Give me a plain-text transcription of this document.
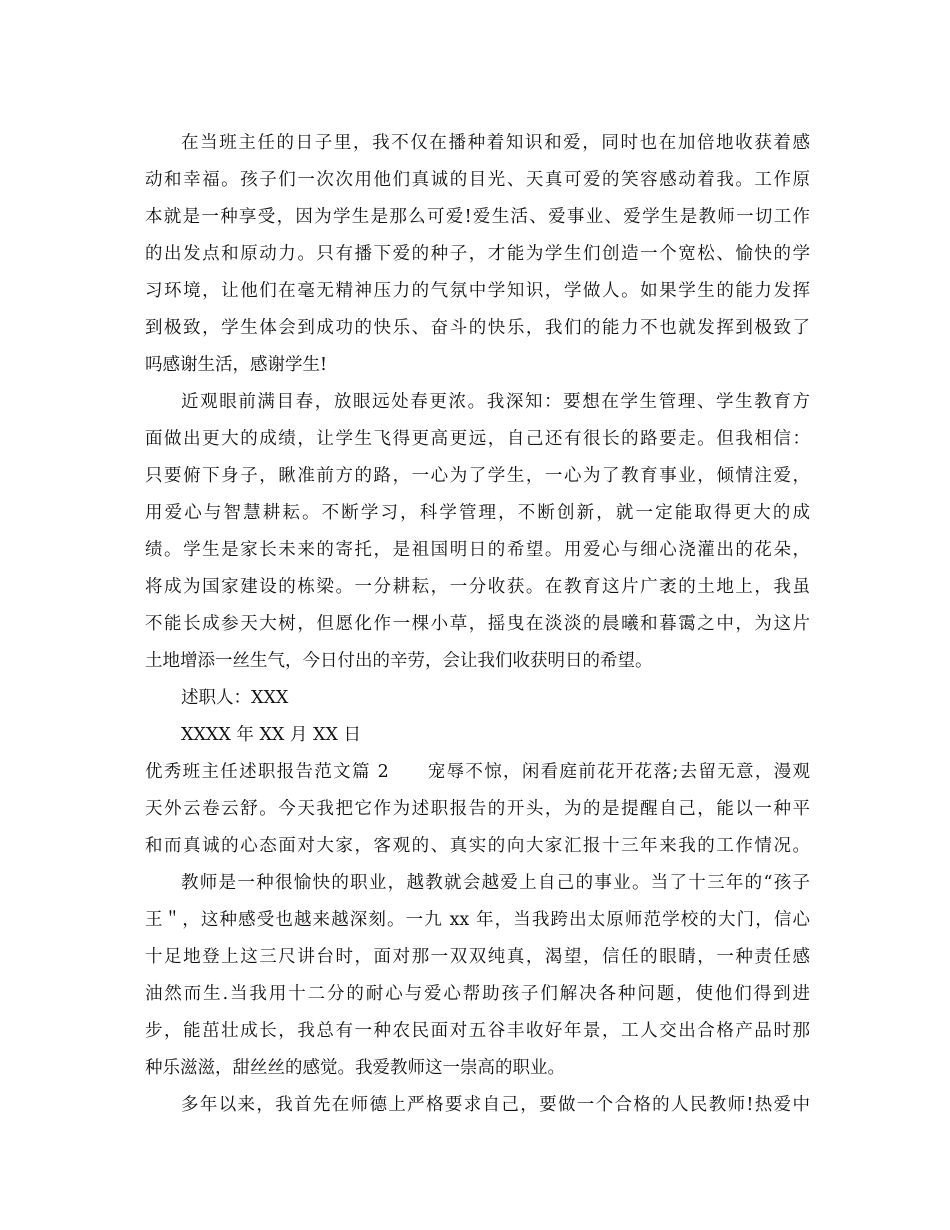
在当班主任的日子里，我不仅在播种着知识和爱，同时也在加倍地收获着感
动和幸福。孩子们一次次用他们真诚的目光、天真可爱的笑容感动着我。工作原
本就是一种享受，因为学生是那么可爱!爱生活、爱事业、爱学生是教师一切工作
的出发点和原动力。只有播下爱的种子，才能为学生们创造一个宽松、愉快的学
习环境，让他们在毫无精神压力的气氛中学知识，学做人。如果学生的能力发挥
到极致，学生体会到成功的快乐、奋斗的快乐，我们的能力不也就发挥到极致了
吗感谢生活，感谢学生!
近观眼前满目春，放眼远处春更浓。我深知：要想在学生管理、学生教育方
面做出更大的成绩，让学生飞得更高更远，自己还有很长的路要走。但我相信：
只要俯下身子，瞅准前方的路，一心为了学生，一心为了教育事业，倾情注爱，
用爱心与智慧耕耘。不断学习，科学管理，不断创新，就一定能取得更大的成
绩。学生是家长未来的寄托，是祖国明日的希望。用爱心与细心浇灌出的花朵，
将成为国家建设的栋梁。一分耕耘，一分收获。在教育这片广袤的土地上，我虽
不能长成参天大树，但愿化作一棵小草，摇曳在淡淡的晨曦和暮霭之中，为这片
土地增添一丝生气，今日付出的辛劳，会让我们收获明日的希望。
述职人：XXX
XXXX 年 XX 月 XX 日
优秀班主任述职报告范文篇 2　　宠辱不惊，闲看庭前花开花落;去留无意，漫观
天外云卷云舒。今天我把它作为述职报告的开头，为的是提醒自己，能以一种平
和而真诚的心态面对大家，客观的、真实的向大家汇报十三年来我的工作情况。
教师是一种很愉快的职业，越教就会越爱上自己的事业。当了十三年的“孩子
王＂，这种感受也越来越深刻。一九 xx 年，当我跨出太原师范学校的大门，信心
十足地登上这三尺讲台时，面对那一双双纯真，渴望，信任的眼睛，一种责任感
油然而生.当我用十二分的耐心与爱心帮助孩子们解决各种问题，使他们得到进
步，能茁壮成长，我总有一种农民面对五谷丰收好年景，工人交出合格产品时那
种乐滋滋，甜丝丝的感觉。我爱教师这一崇高的职业。
多年以来，我首先在师德上严格要求自己，要做一个合格的人民教师!热爱中
